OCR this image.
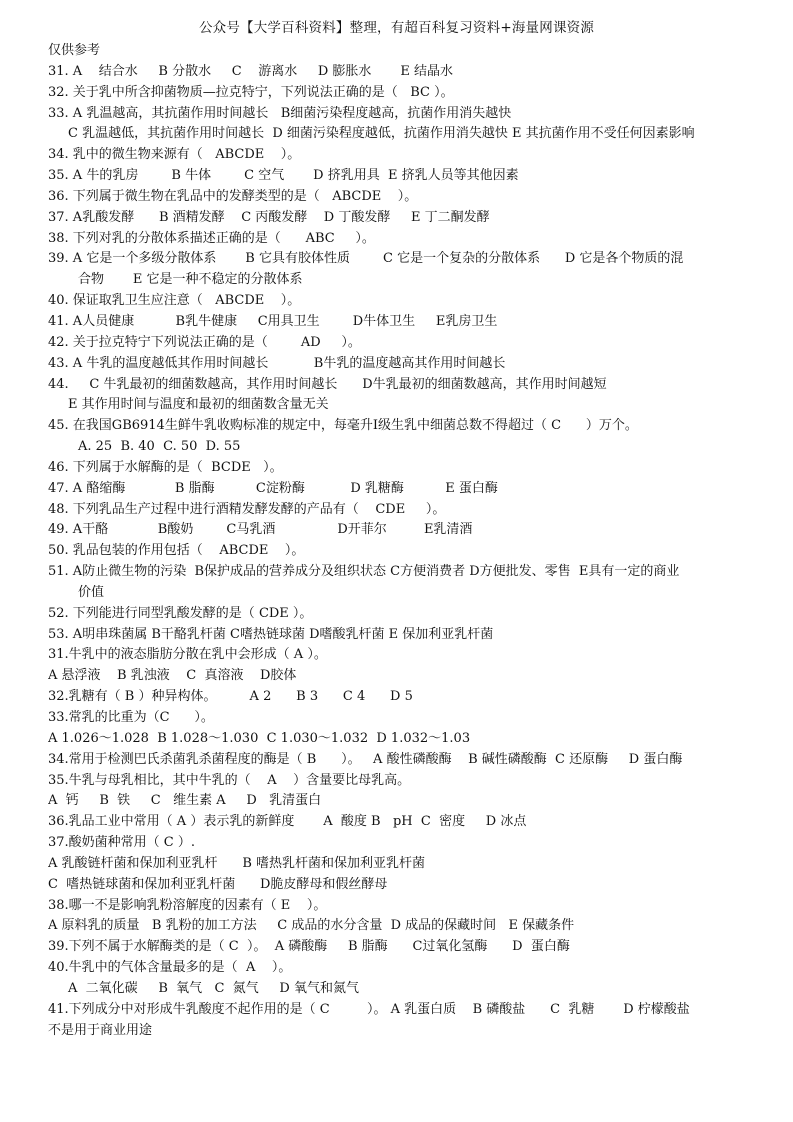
公众号【大学百科资料】整理，有超百科复习资料+海量网课资源
仅供参考
31. A    结合水     B 分散水     C    游离水     D 膨胀水       E 结晶水
32. 关于乳中所含抑菌物质—拉克特宁，下列说法正确的是（   BC ）。
33. A 乳温越高，其抗菌作用时间越长   B细菌污染程度越高，抗菌作用消失越快
C 乳温越低，其抗菌作用时间越长  D 细菌污染程度越低，抗菌作用消失越快 E 其抗菌作用不受任何因素影响
34. 乳中的微生物来源有（   ABCDE    ）。
35. A 牛的乳房        B 牛体        C 空气       D 挤乳用具  E 挤乳人员等其他因素
36. 下列属于微生物在乳品中的发酵类型的是（   ABCDE    ）。
37. A乳酸发酵      B 酒精发酵    C 丙酸发酵    D 丁酸发酵     E 丁二酮发酵
38. 下列对乳的分散体系描述正确的是（      ABC     ）。
39. A 它是一个多级分散体系       B 它具有胶体性质        C 它是一个复杂的分散体系      D 它是各个物质的混
合物       E 它是一种不稳定的分散体系
40. 保证取乳卫生应注意（   ABCDE    ）。
41. A人员健康          B乳牛健康     C用具卫生        D牛体卫生     E乳房卫生
42. 关于拉克特宁下列说法正确的是（        AD     ）。
43. A 牛乳的温度越低其作用时间越长           B牛乳的温度越高其作用时间越长
44.     C 牛乳最初的细菌数越高，其作用时间越长      D牛乳最初的细菌数越高，其作用时间越短
E 其作用时间与温度和最初的细菌数含量无关
45. 在我国GB6914生鲜牛乳收购标准的规定中，每毫升Ⅰ级生乳中细菌总数不得超过（ C      ）万个。
A. 25  B. 40  C. 50  D. 55
46. 下列属于水解酶的是（  BCDE   ）。
47. A 酪缩酶            B 脂酶          C淀粉酶           D 乳糖酶          E 蛋白酶
48. 下列乳品生产过程中进行酒精发酵发酵的产品有（    CDE     ）。
49. A干酪            B酸奶        C马乳酒               D开菲尔         E乳清酒
50. 乳品包装的作用包括（    ABCDE    ）。
51. A防止微生物的污染  B保护成品的营养成分及组织状态 C方便消费者 D方便批发、零售  E具有一定的商业
价值
52. 下列能进行同型乳酸发酵的是（ CDE ）。
53. A明串珠菌属 B干酪乳杆菌 C嗜热链球菌 D嗜酸乳杆菌 E 保加利亚乳杆菌
31.牛乳中的液态脂肪分散在乳中会形成（ A ）。
A 悬浮液    B 乳浊液    C  真溶液    D胶体
32.乳糖有（ B ）种异构体。        A 2      B 3      C 4      D 5
33.常乳的比重为（C      ）。
A 1.026～1.028  B 1.028～1.030  C 1.030～1.032  D 1.032～1.03
34.常用于检测巴氏杀菌乳杀菌程度的酶是（ B      ）。   A 酸性磷酸酶    B 碱性磷酸酶  C 还原酶     D 蛋白酶
35.牛乳与母乳相比，其中牛乳的（    A    ）含量要比母乳高。
A  钙     B  铁     C   维生素 A     D   乳清蛋白
36.乳品工业中常用（ A ）表示乳的新鲜度       A  酸度 B   pH  C  密度     D 冰点
37.酸奶菌种常用（ C ）.
A 乳酸链杆菌和保加利亚乳杆      B 嗜热乳杆菌和保加利亚乳杆菌
C  嗜热链球菌和保加利亚乳杆菌      D脆皮酵母和假丝酵母
38.哪一不是影响乳粉溶解度的因素有（ E    ）。
A 原料乳的质量   B 乳粉的加工方法     C 成品的水分含量  D 成品的保藏时间   E 保藏条件
39.下列不属于水解酶类的是（ C  ）。  A 磷酸酶     B 脂酶      C过氧化氢酶      D  蛋白酶
40.牛乳中的气体含量最多的是（  A    ）。
A  二氧化碳     B  氧气   C  氮气     D 氧气和氮气
41.下列成分中对形成牛乳酸度不起作用的是（ C         ）。 A 乳蛋白质    B 磷酸盐      C  乳糖       D 柠檬酸盐
不是用于商业用途
